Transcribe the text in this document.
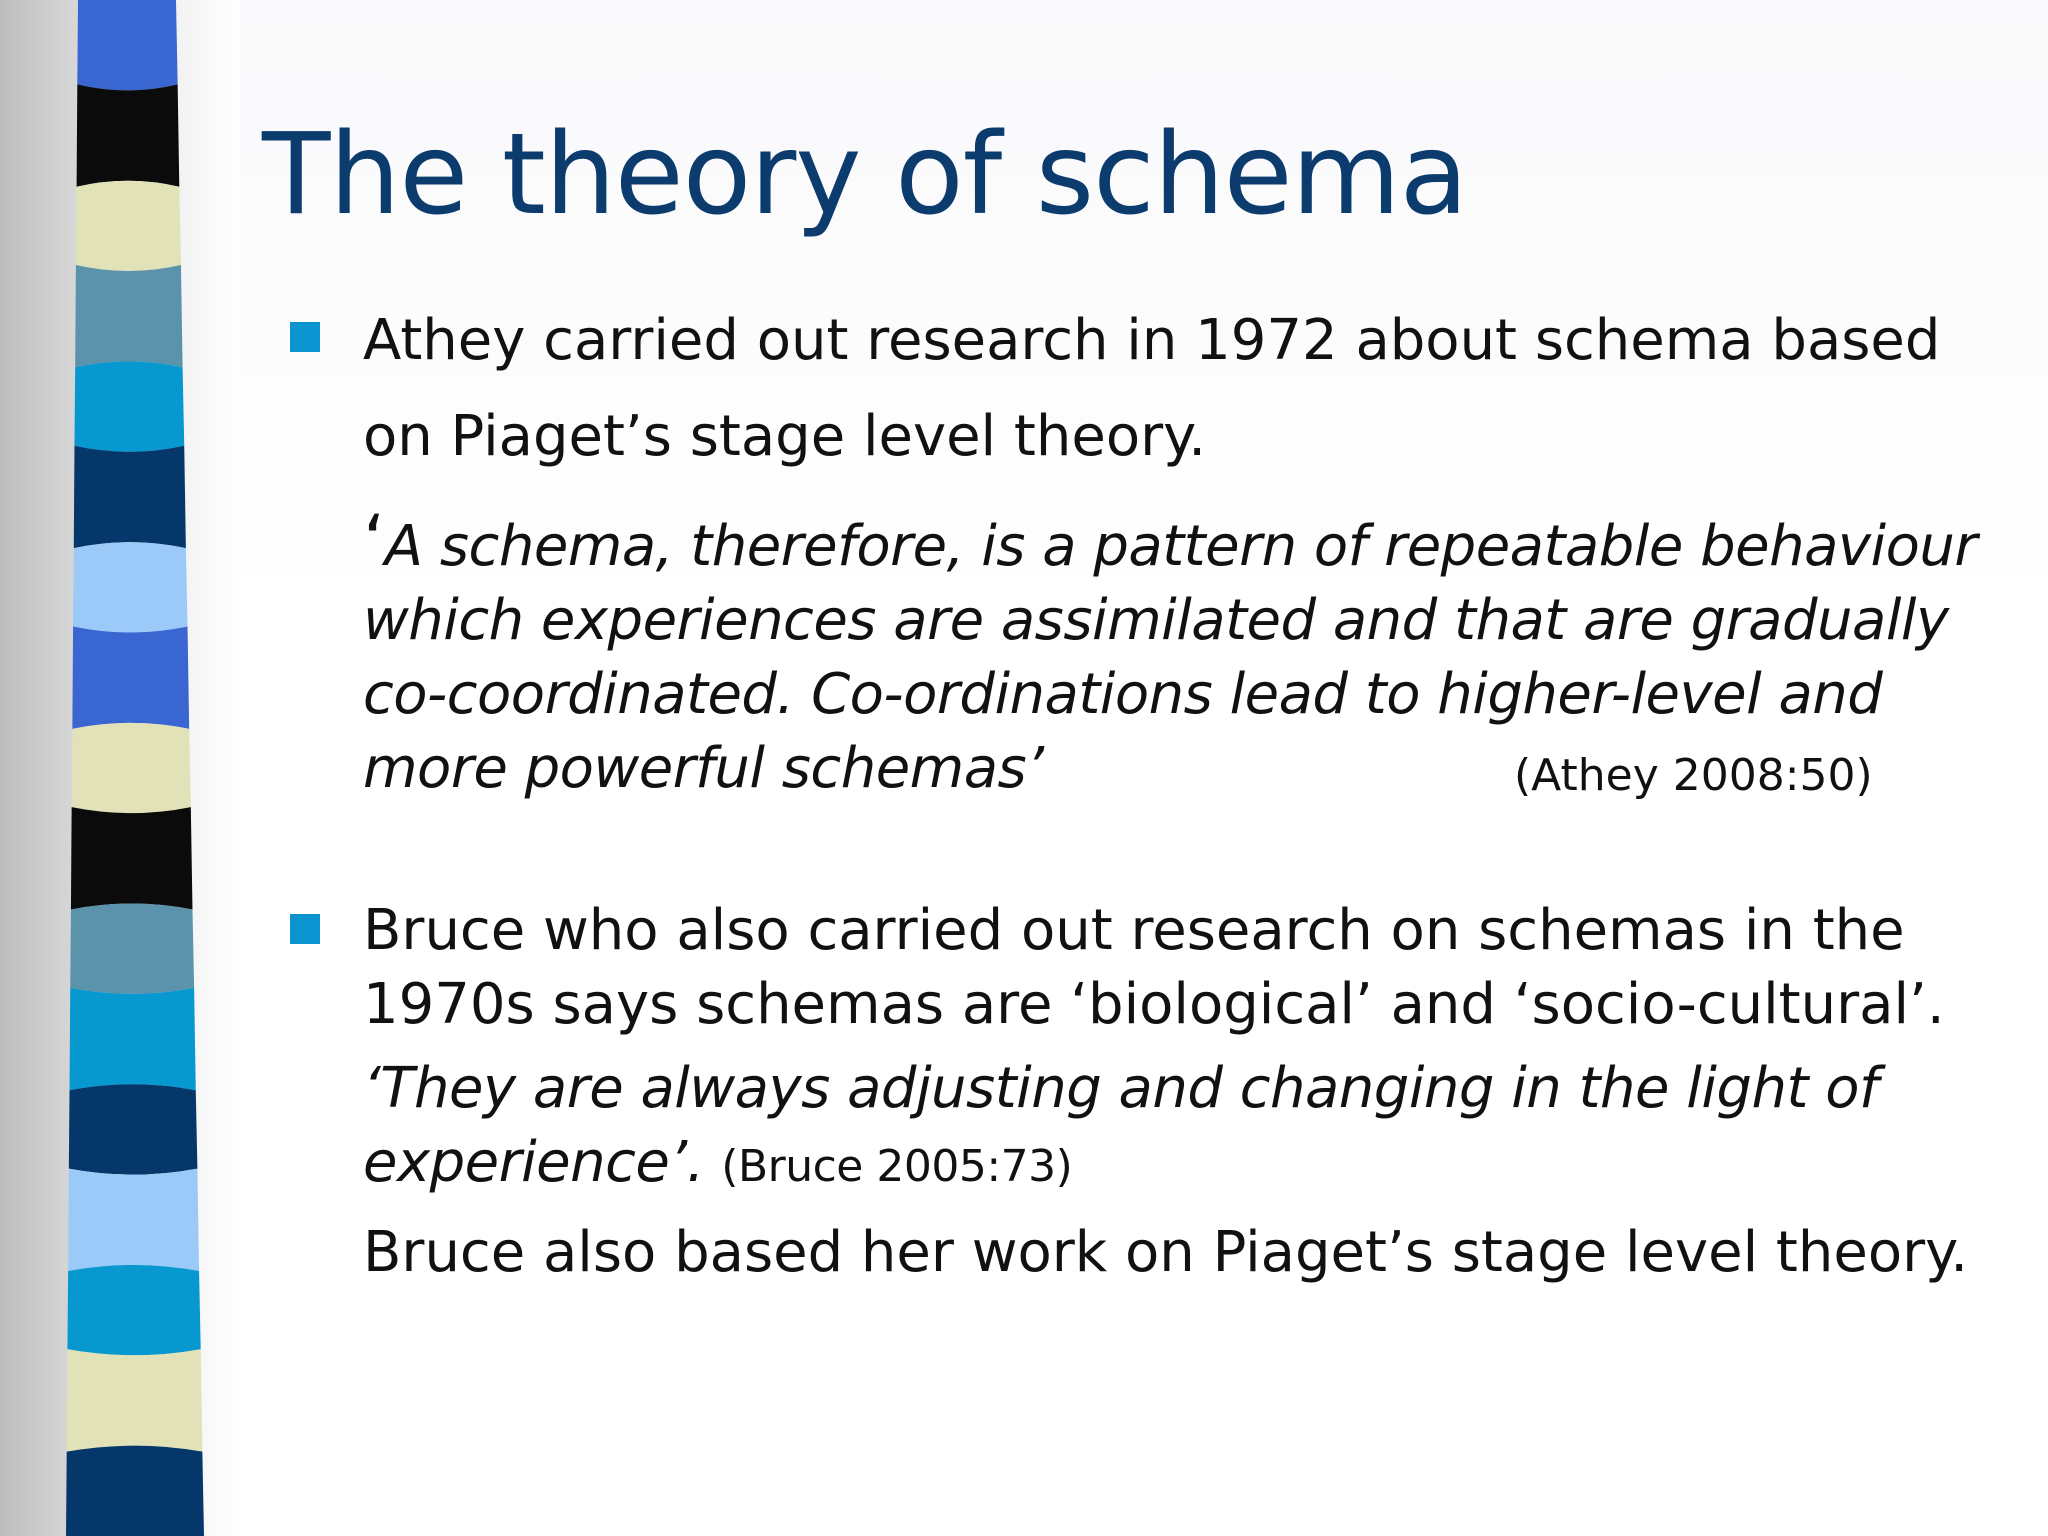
The theory of schema

Athey carried out research in 1972 about schema based

on Piaget’s stage level theory.

‘A schema, therefore, is a pattern of repeatable behaviour

which experiences are assimilated and that are gradually

co-coordinated. Co-ordinations lead to higher-level and

more powerful schemas’	(Athey 2008:50)

Bruce who also carried out research on schemas in the

1970s says schemas are ‘biological’ and ‘socio-cultural’.

‘They are always adjusting and changing in the light of

experience’. (Bruce 2005:73)

Bruce also based her work on Piaget’s stage level theory.
